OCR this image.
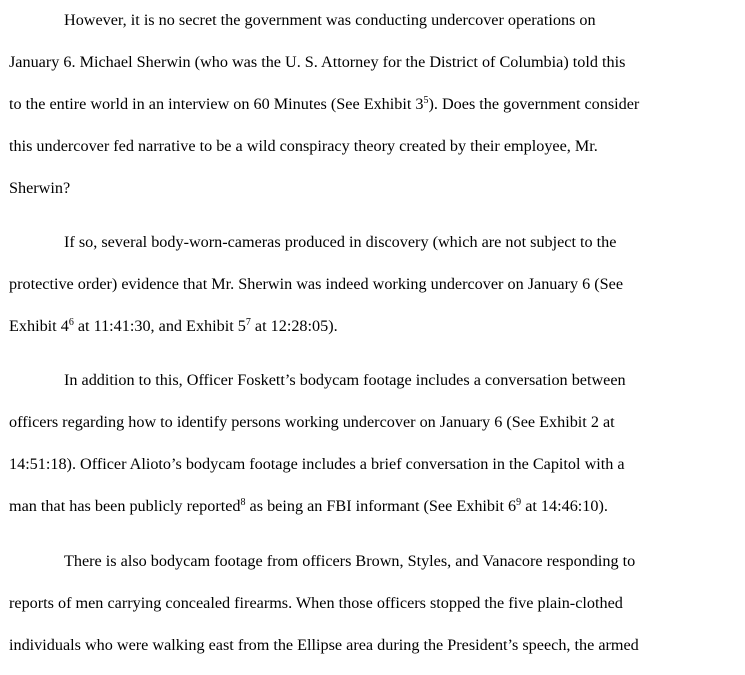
However, it is no secret the government was conducting undercover operations on
January 6. Michael Sherwin (who was the U. S. Attorney for the District of Columbia) told this
to the entire world in an interview on 60 Minutes (See Exhibit $3^5$). Does the government consider
this undercover fed narrative to be a wild conspiracy theory created by their employee, Mr.
Sherwin?
If so, several body-worn-cameras produced in discovery (which are not subject to the
protective order) evidence that Mr. Sherwin was indeed working undercover on January 6 (See
Exhibit $4^6$ at 11:41:30, and Exhibit $5^7$ at 12:28:05).
In addition to this, Officer Foskett’s bodycam footage includes a conversation between
officers regarding how to identify persons working undercover on January 6 (See Exhibit 2 at
14:51:18). Officer Alioto’s bodycam footage includes a brief conversation in the Capitol with a
man that has been publicly reported$^8$ as being an FBI informant (See Exhibit $6^9$ at 14:46:10).
There is also bodycam footage from officers Brown, Styles, and Vanacore responding to
reports of men carrying concealed firearms. When those officers stopped the five plain-clothed
individuals who were walking east from the Ellipse area during the President’s speech, the armed
